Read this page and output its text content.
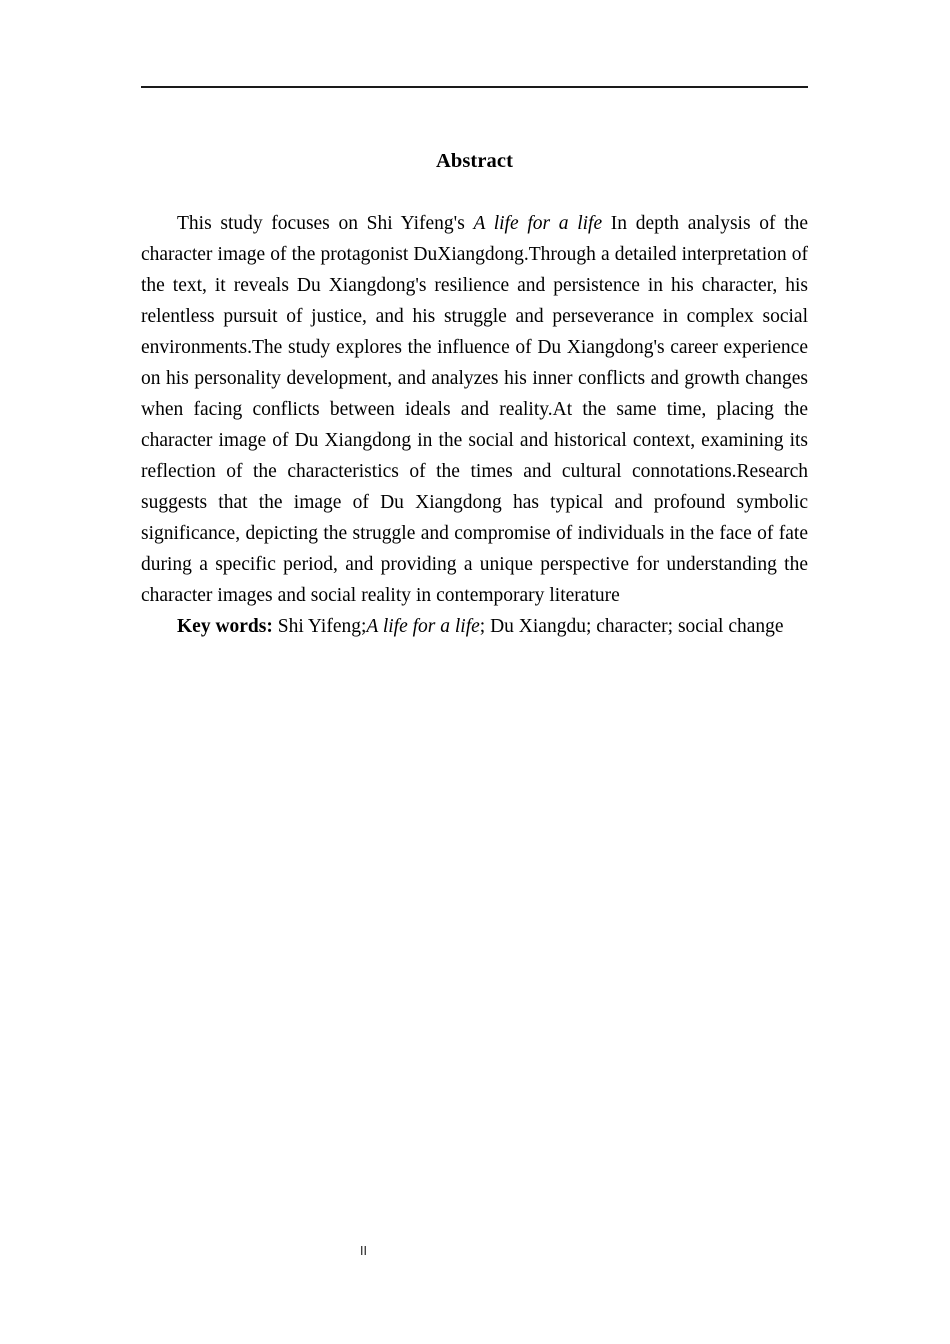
Abstract

This study focuses on Shi Yifeng's A life for a life In depth analysis of the character image of the protagonist DuXiangdong.Through a detailed interpretation of the text, it reveals Du Xiangdong's resilience and persistence in his character, his relentless pursuit of justice, and his struggle and perseverance in complex social environments.The study explores the influence of Du Xiangdong's career experience on his personality development, and analyzes his inner conflicts and growth changes when facing conflicts between ideals and reality.At the same time, placing the character image of Du Xiangdong in the social and historical context, examining its reflection of the characteristics of the times and cultural connotations.Research suggests that the image of Du Xiangdong has typical and profound symbolic significance, depicting the struggle and compromise of individuals in the face of fate during a specific period, and providing a unique perspective for understanding the character images and social reality in contemporary literature

Key words: Shi Yifeng;A life for a life; Du Xiangdu; character; social change

II
